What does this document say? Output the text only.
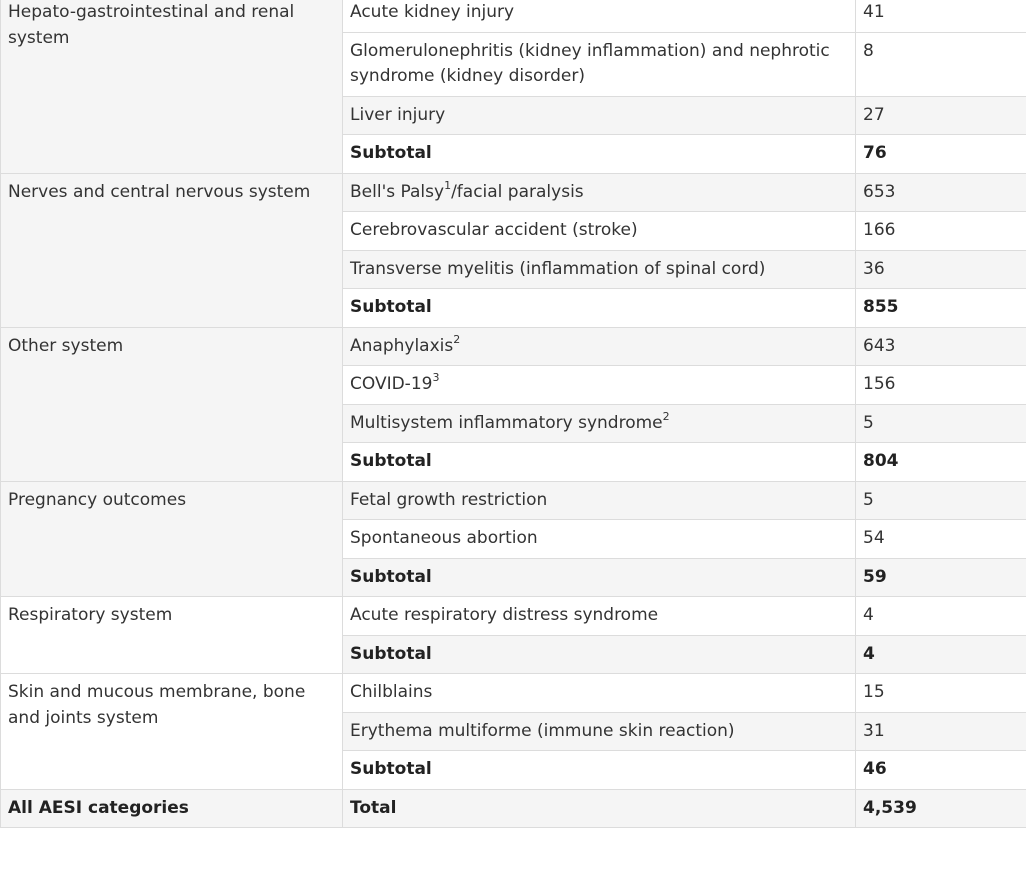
Hepato-gastrointestinal and renal system	Acute kidney injury	41
	Glomerulonephritis (kidney inflammation) and nephrotic syndrome (kidney disorder)	8
	Liver injury	27
	Subtotal	76
Nerves and central nervous system	Bell's Palsy$^1$/facial paralysis	653
	Cerebrovascular accident (stroke)	166
	Transverse myelitis (inflammation of spinal cord)	36
	Subtotal	855
Other system	Anaphylaxis$^2$	643
	COVID-$19^3$	156
	Multisystem inflammatory syndrome$^2$	5
	Subtotal	804
Pregnancy outcomes	Fetal growth restriction	5
	Spontaneous abortion	54
	Subtotal	59
Respiratory system	Acute respiratory distress syndrome	4
	Subtotal	4
Skin and mucous membrane, bone and joints system	Chilblains	15
	Erythema multiforme (immune skin reaction)	31
	Subtotal	46
All AESI categories	Total	4,539
